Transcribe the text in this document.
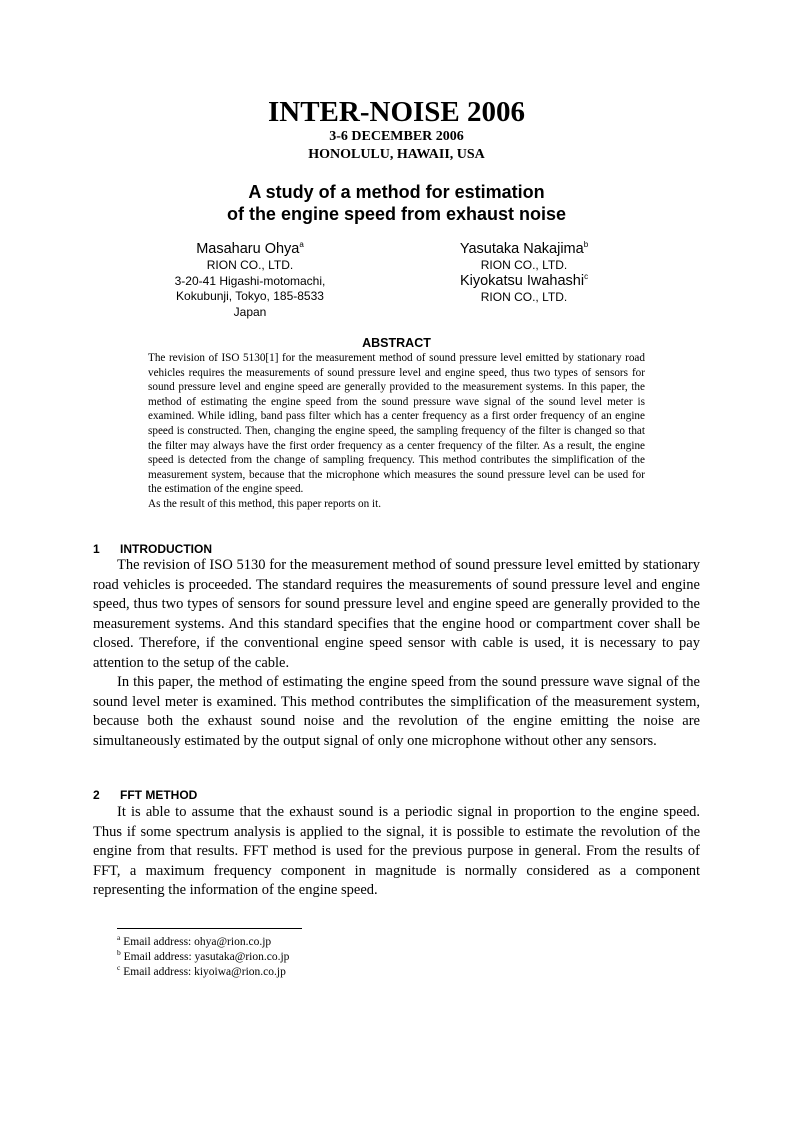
INTER-NOISE 2006
3-6 DECEMBER 2006
HONOLULU, HAWAII, USA
A study of a method for estimation
of the engine speed from exhaust noise
Masaharu Ohya$^a$
RION CO., LTD.
3-20-41 Higashi-motomachi,
Kokubunji, Tokyo, 185-8533
Japan
Yasutaka Nakajima$^b$
RION CO., LTD.
Kiyokatsu Iwahashi$^c$
RION CO., LTD.
ABSTRACT

The revision of ISO 5130[1] for the measurement method of sound pressure level emitted by stationary road vehicles requires the measurements of sound pressure level and engine speed, thus two types of sensors for sound pressure level and engine speed are generally provided to the measurement systems. In this paper, the method of estimating the engine speed from the sound pressure wave signal of the sound level meter is examined. While idling, band pass filter which has a center frequency as a first order frequency of an engine speed is constructed. Then, changing the engine speed, the sampling frequency of the filter is changed so that the filter may always have the first order frequency as a center frequency of the filter. As a result, the engine speed is detected from the change of sampling frequency. This method contributes the simplification of the measurement system, because that the microphone which measures the sound pressure level can be used for the estimation of the engine speed.

As the result of this method, this paper reports on it.

1 INTRODUCTION

The revision of ISO 5130 for the measurement method of sound pressure level emitted by stationary road vehicles is proceeded. The standard requires the measurements of sound pressure level and engine speed, thus two types of sensors for sound pressure level and engine speed are generally provided to the measurement systems. And this standard specifies that the engine hood or compartment cover shall be closed. Therefore, if the conventional engine speed sensor with cable is used, it is necessary to pay attention to the setup of the cable.

In this paper, the method of estimating the engine speed from the sound pressure wave signal of the sound level meter is examined. This method contributes the simplification of the measurement system, because both the exhaust sound noise and the revolution of the engine emitting the noise are simultaneously estimated by the output signal of only one microphone without other any sensors.

2 FFT METHOD

It is able to assume that the exhaust sound is a periodic signal in proportion to the engine speed. Thus if some spectrum analysis is applied to the signal, it is possible to estimate the revolution of the engine from that results. FFT method is used for the previous purpose in general. From the results of FFT, a maximum frequency component in magnitude is normally considered as a component representing the information of the engine speed.

$^a$ Email address: ohya@rion.co.jp
$^b$ Email address: yasutaka@rion.co.jp
$^c$ Email address: kiyoiwa@rion.co.jp
